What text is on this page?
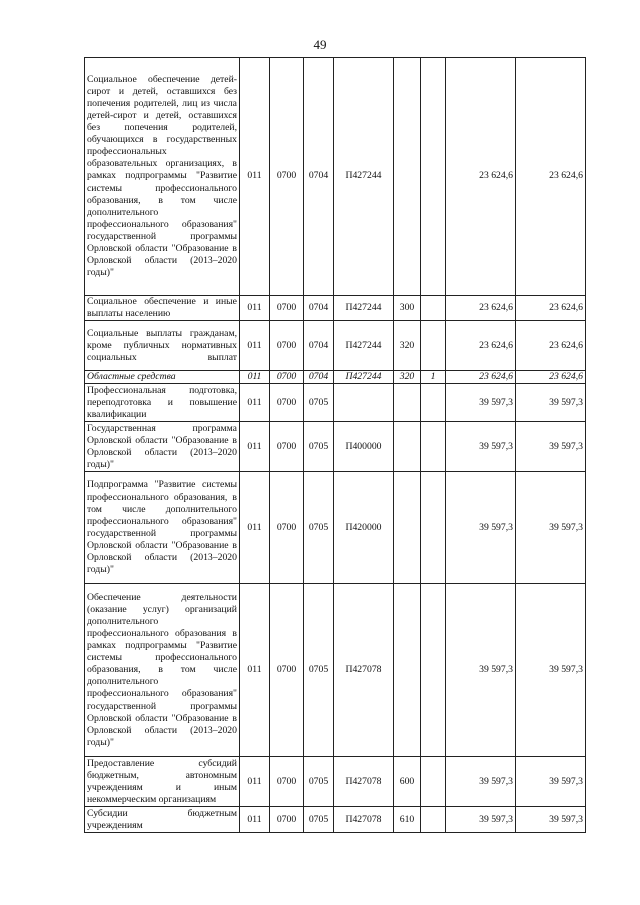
49
Социальное обеспечение детей-сирот и детей, оставшихся без попечения родителей, лиц из числа детей-сирот и детей, оставшихся без попечения родителей, обучающихся в государственных профессиональных образовательных организациях, в рамках подпрограммы "Развитие системы профессионального образования, в том числе дополнительного профессионального образования" государственной программы Орловской области "Образование в Орловской области (2013–2020 годы)"	011	0700	0704	П427244			23 624,6	23 624,6
Социальное обеспечение и иные выплаты населению	011	0700	0704	П427244	300		23 624,6	23 624,6
Социальные выплаты гражданам, кроме публичных нормативных социальных выплат	011	0700	0704	П427244	320		23 624,6	23 624,6
Областные средства	011	0700	0704	П427244	320	1	23 624,6	23 624,6
Профессиональная подготовка, переподготовка и повышение квалификации	011	0700	0705				39 597,3	39 597,3
Государственная программа Орловской области "Образование в Орловской области (2013–2020 годы)"	011	0700	0705	П400000			39 597,3	39 597,3
Подпрограмма "Развитие системы профессионального образования, в том числе дополнительного профессионального образования" государственной программы Орловской области "Образование в Орловской области (2013–2020 годы)"	011	0700	0705	П420000			39 597,3	39 597,3
Обеспечение деятельности (оказание услуг) организаций дополнительного профессионального образования в рамках подпрограммы "Развитие системы профессионального образования, в том числе дополнительного профессионального образования" государственной программы Орловской области "Образование в Орловской области (2013–2020 годы)"	011	0700	0705	П427078			39 597,3	39 597,3
Предоставление субсидий бюджетным, автономным учреждениям и иным некоммерческим организациям	011	0700	0705	П427078	600		39 597,3	39 597,3
Субсидии бюджетным учреждениям	011	0700	0705	П427078	610		39 597,3	39 597,3
